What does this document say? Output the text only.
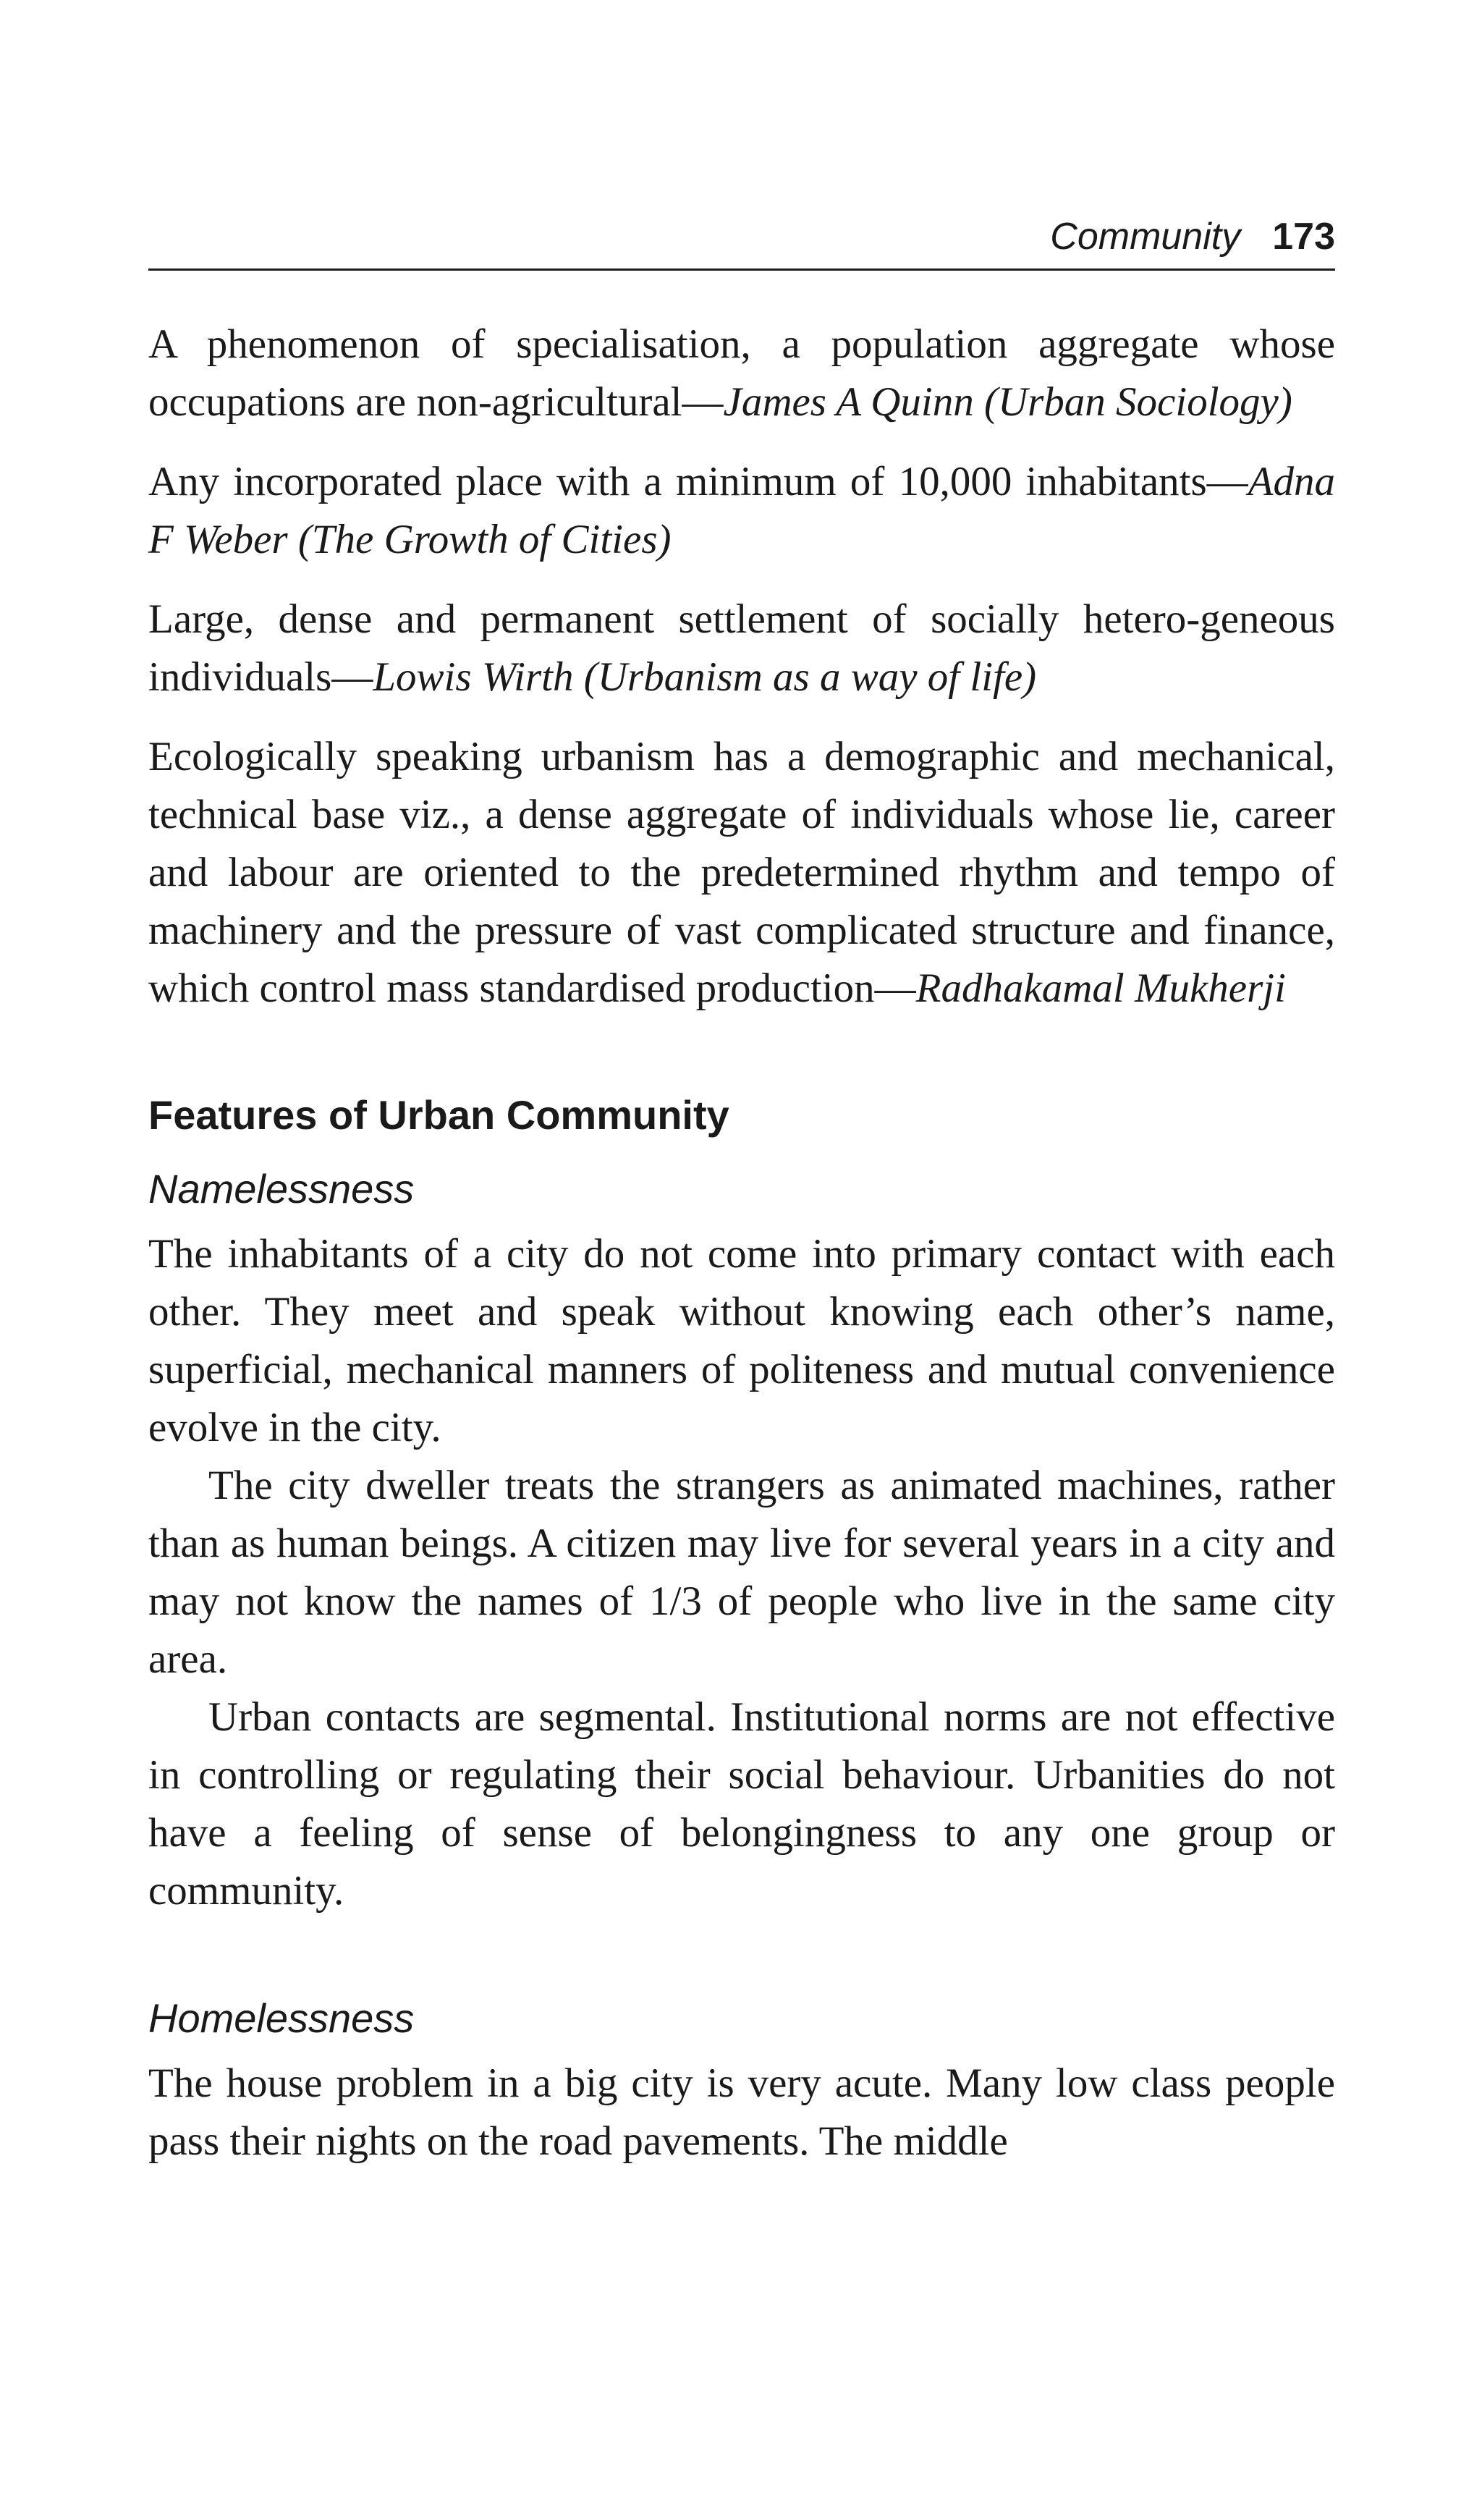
Community 173

A phenomenon of specialisation, a population aggregate whose occupations are non-agricultural—James A Quinn (Urban Sociology)

Any incorporated place with a minimum of 10,000 inhabitants—Adna F Weber (The Growth of Cities)

Large, dense and permanent settlement of socially hetero-geneous individuals—Lowis Wirth (Urbanism as a way of life)

Ecologically speaking urbanism has a demographic and mechanical, technical base viz., a dense aggregate of individuals whose lie, career and labour are oriented to the predetermined rhythm and tempo of machinery and the pressure of vast complicated structure and finance, which control mass standardised production—Radhakamal Mukherji

Features of Urban Community
Namelessness

The inhabitants of a city do not come into primary contact with each other. They meet and speak without knowing each other’s name, superficial, mechanical manners of politeness and mutual convenience evolve in the city.

The city dweller treats the strangers as animated machines, rather than as human beings. A citizen may live for several years in a city and may not know the names of 1/3 of people who live in the same city area.

Urban contacts are segmental. Institutional norms are not effective in controlling or regulating their social behaviour. Urbanities do not have a feeling of sense of belongingness to any one group or community.

Homelessness

The house problem in a big city is very acute. Many low class people pass their nights on the road pavements. The middle
